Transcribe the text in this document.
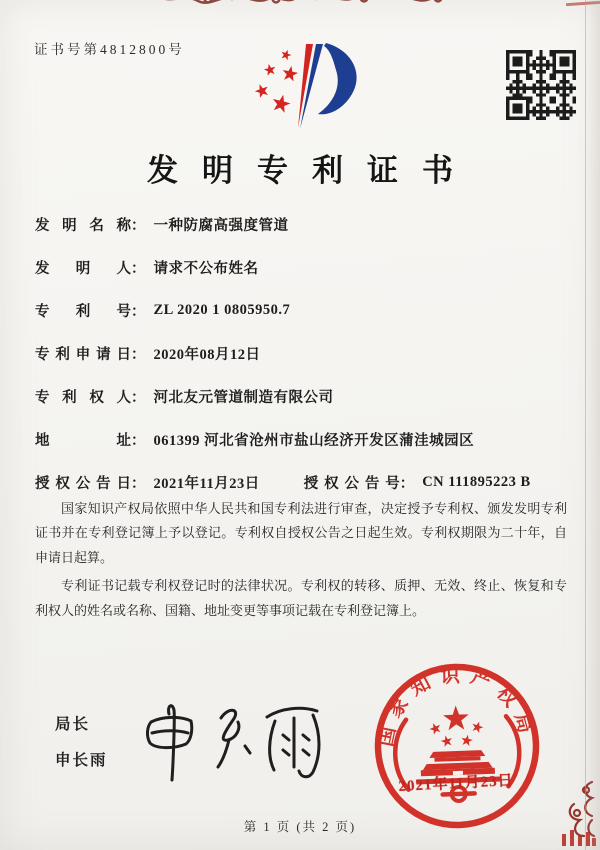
证书号第4812800号
发明专利证书
发明名称 ： 一种防腐高强度管道
发明人 ： 请求不公布姓名
专利号 ： ZL 2020 1 0805950.7
专利申请日 ： 2020年08月12日
专利权人 ： 河北友元管道制造有限公司
地址 ： 061399 河北省沧州市盐山经济开发区蒲洼城园区
授权公告日 ： 2021年11月23日	授权公告号 ： CN 111895223 B

国家知识产权局依照中华人民共和国专利法进行审查，决定授予专利权、颁发发明专利证书并在专利登记簿上予以登记。专利权自授权公告之日起生效。专利权期限为二十年，自申请日起算。

专利证书记载专利权登记时的法律状况。专利权的转移、质押、无效、终止、恢复和专利权人的姓名或名称、国籍、地址变更等事项记载在专利登记簿上。

局长
申长雨
国家知识产权局
2021年11月23日
第 1 页 (共 2 页)
